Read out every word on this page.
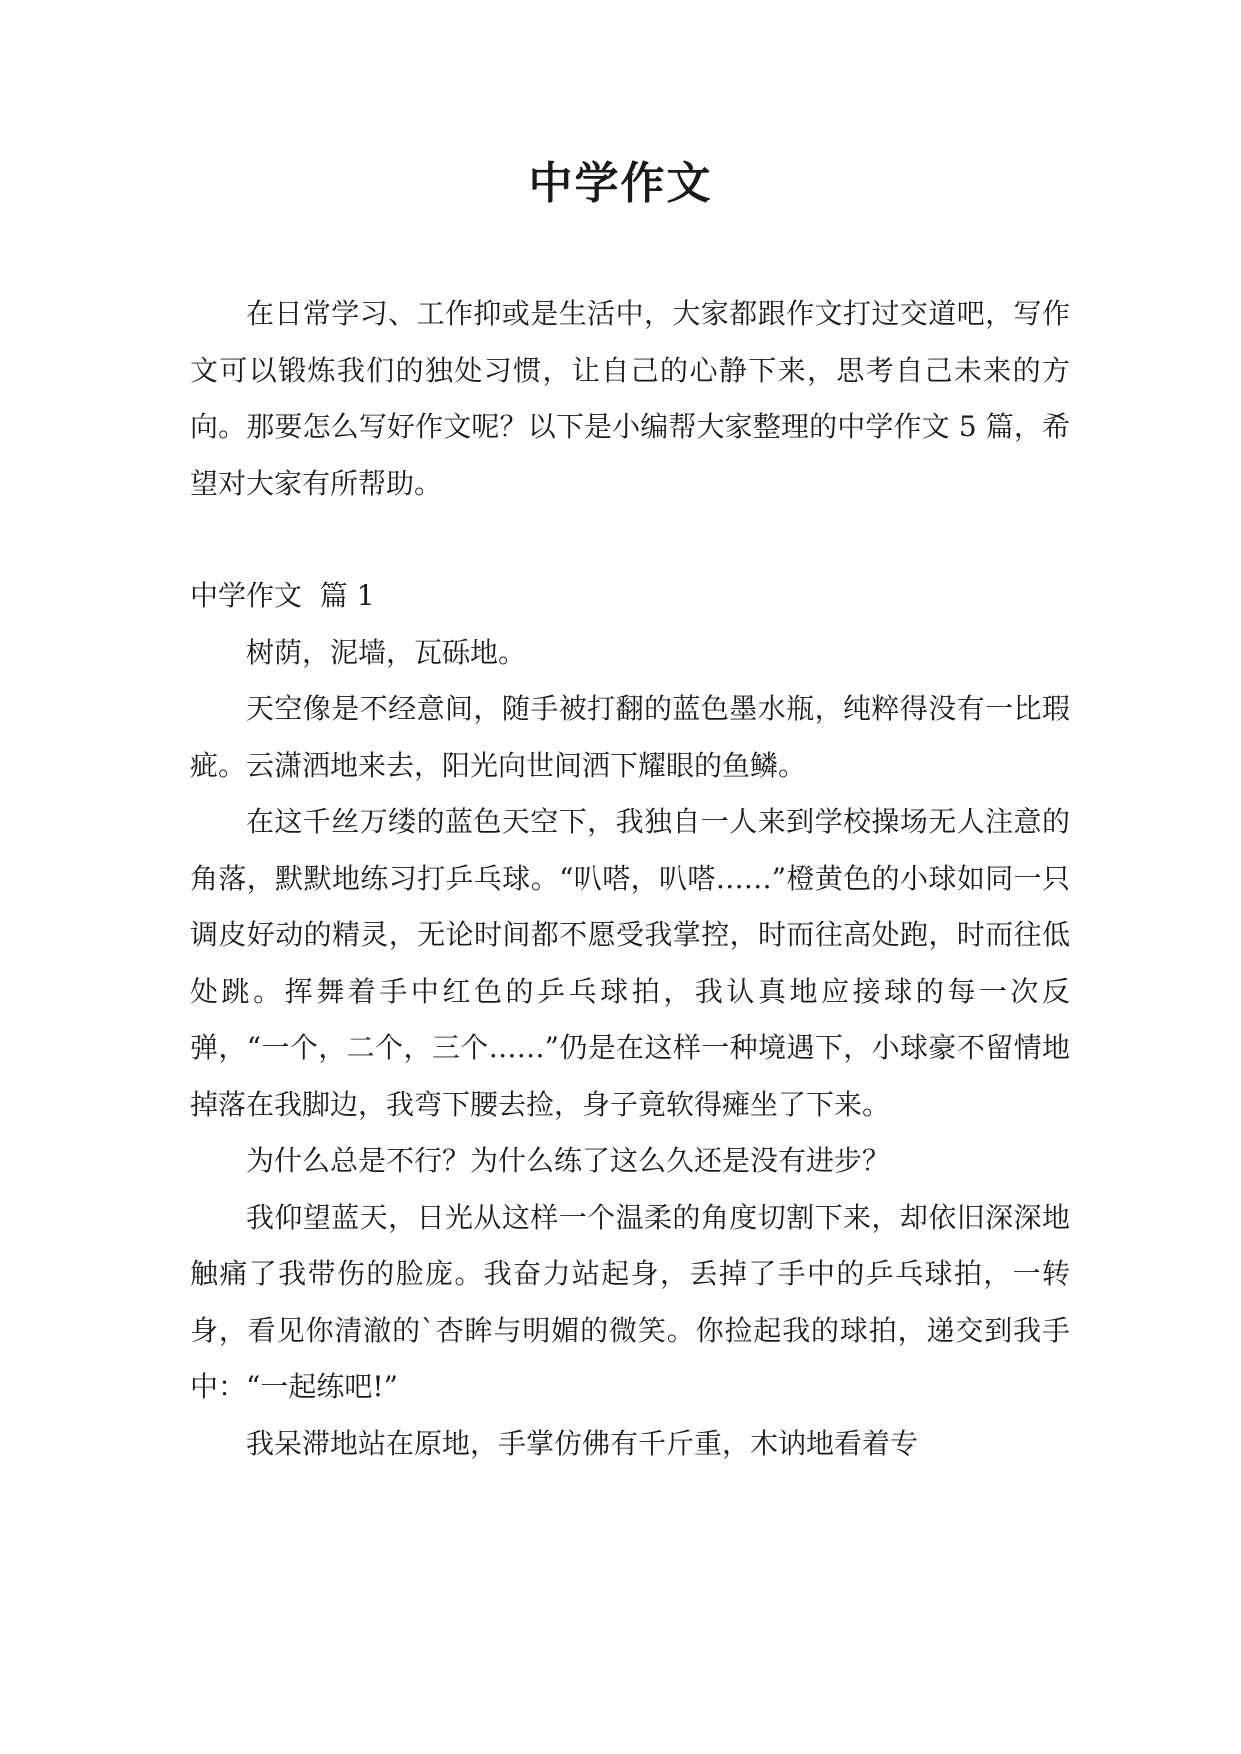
中学作文

在日常学习、工作抑或是生活中，大家都跟作文打过交道吧，写作文可以锻炼我们的独处习惯，让自己的心静下来，思考自己未来的方向。那要怎么写好作文呢？以下是小编帮大家整理的中学作文 5 篇，希望对大家有所帮助。

中学作文  篇 1

树荫，泥墙，瓦砾地。

天空像是不经意间，随手被打翻的蓝色墨水瓶，纯粹得没有一比瑕疵。云潇洒地来去，阳光向世间洒下耀眼的鱼鳞。

在这千丝万缕的蓝色天空下，我独自一人来到学校操场无人注意的角落，默默地练习打乒乓球。“叭嗒，叭嗒……”橙黄色的小球如同一只调皮好动的精灵，无论时间都不愿受我掌控，时而往高处跑，时而往低处跳。挥舞着手中红色的乒乓球拍，我认真地应接球的每一次反弹，“一个，二个，三个……”仍是在这样一种境遇下，小球豪不留情地掉落在我脚边，我弯下腰去捡，身子竟软得瘫坐了下来。

为什么总是不行？为什么练了这么久还是没有进步？

我仰望蓝天，日光从这样一个温柔的角度切割下来，却依旧深深地触痛了我带伤的脸庞。我奋力站起身，丢掉了手中的乒乓球拍，一转身，看见你清澈的`杏眸与明媚的微笑。你捡起我的球拍，递交到我手中：“一起练吧!”

我呆滞地站在原地，手掌仿佛有千斤重，木讷地看着专
